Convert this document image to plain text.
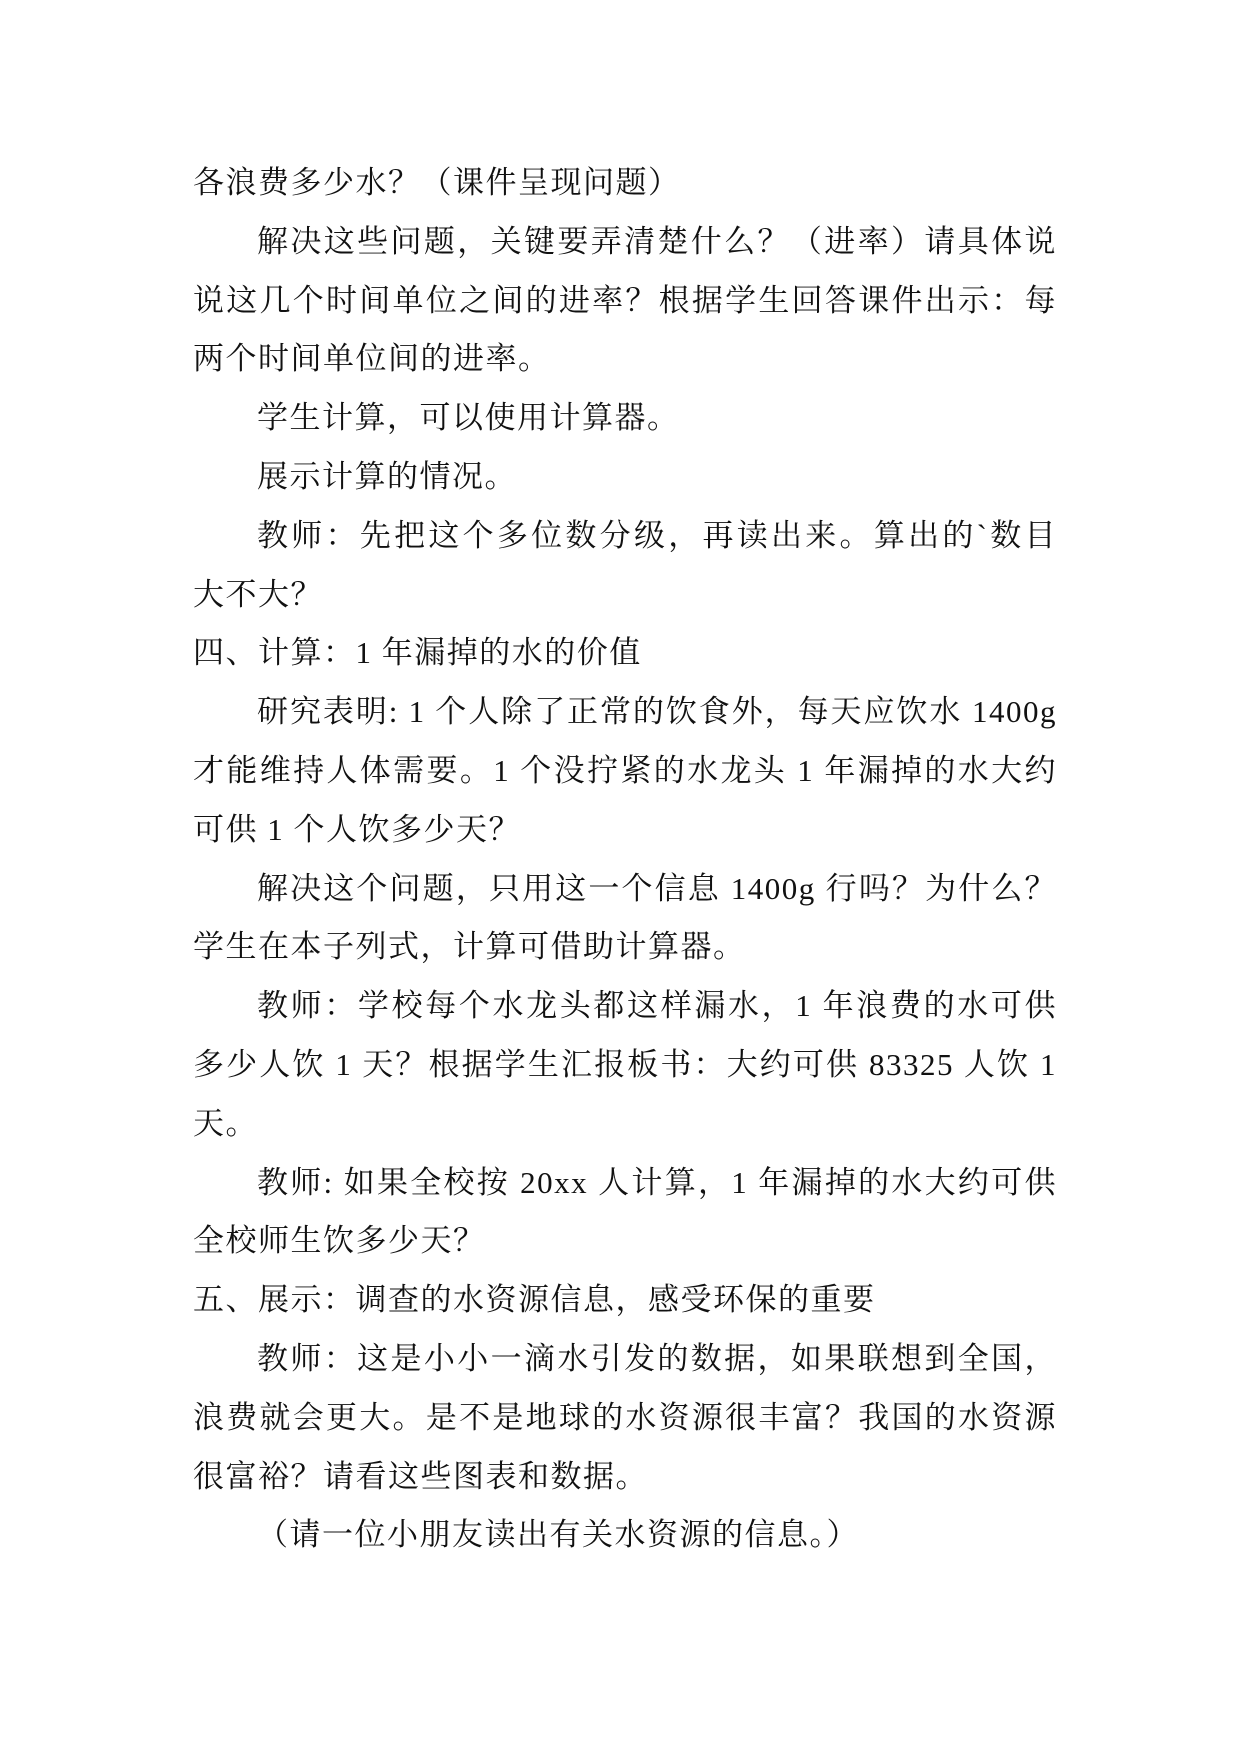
各浪费多少水？（课件呈现问题）
解决这些问题，关键要弄清楚什么？（进率）请具体说
说这几个时间单位之间的进率？根据学生回答课件出示：每
两个时间单位间的进率。
学生计算，可以使用计算器。
展示计算的情况。
教师：先把这个多位数分级，再读出来。算出的`数目
大不大？
四、计算：1 年漏掉的水的价值
研究表明: 1 个人除了正常的饮食外，每天应饮水 1400g
才能维持人体需要。1 个没拧紧的水龙头 1 年漏掉的水大约
可供 1 个人饮多少天？
解决这个问题，只用这一个信息 1400g 行吗？为什么？
学生在本子列式，计算可借助计算器。
教师：学校每个水龙头都这样漏水，1 年浪费的水可供
多少人饮 1 天？根据学生汇报板书：大约可供 83325 人饮 1
天。
教师: 如果全校按 20xx 人计算，1 年漏掉的水大约可供
全校师生饮多少天？
五、展示：调查的水资源信息，感受环保的重要
教师：这是小小一滴水引发的数据，如果联想到全国，
浪费就会更大。是不是地球的水资源很丰富？我国的水资源
很富裕？请看这些图表和数据。
（请一位小朋友读出有关水资源的信息。）
